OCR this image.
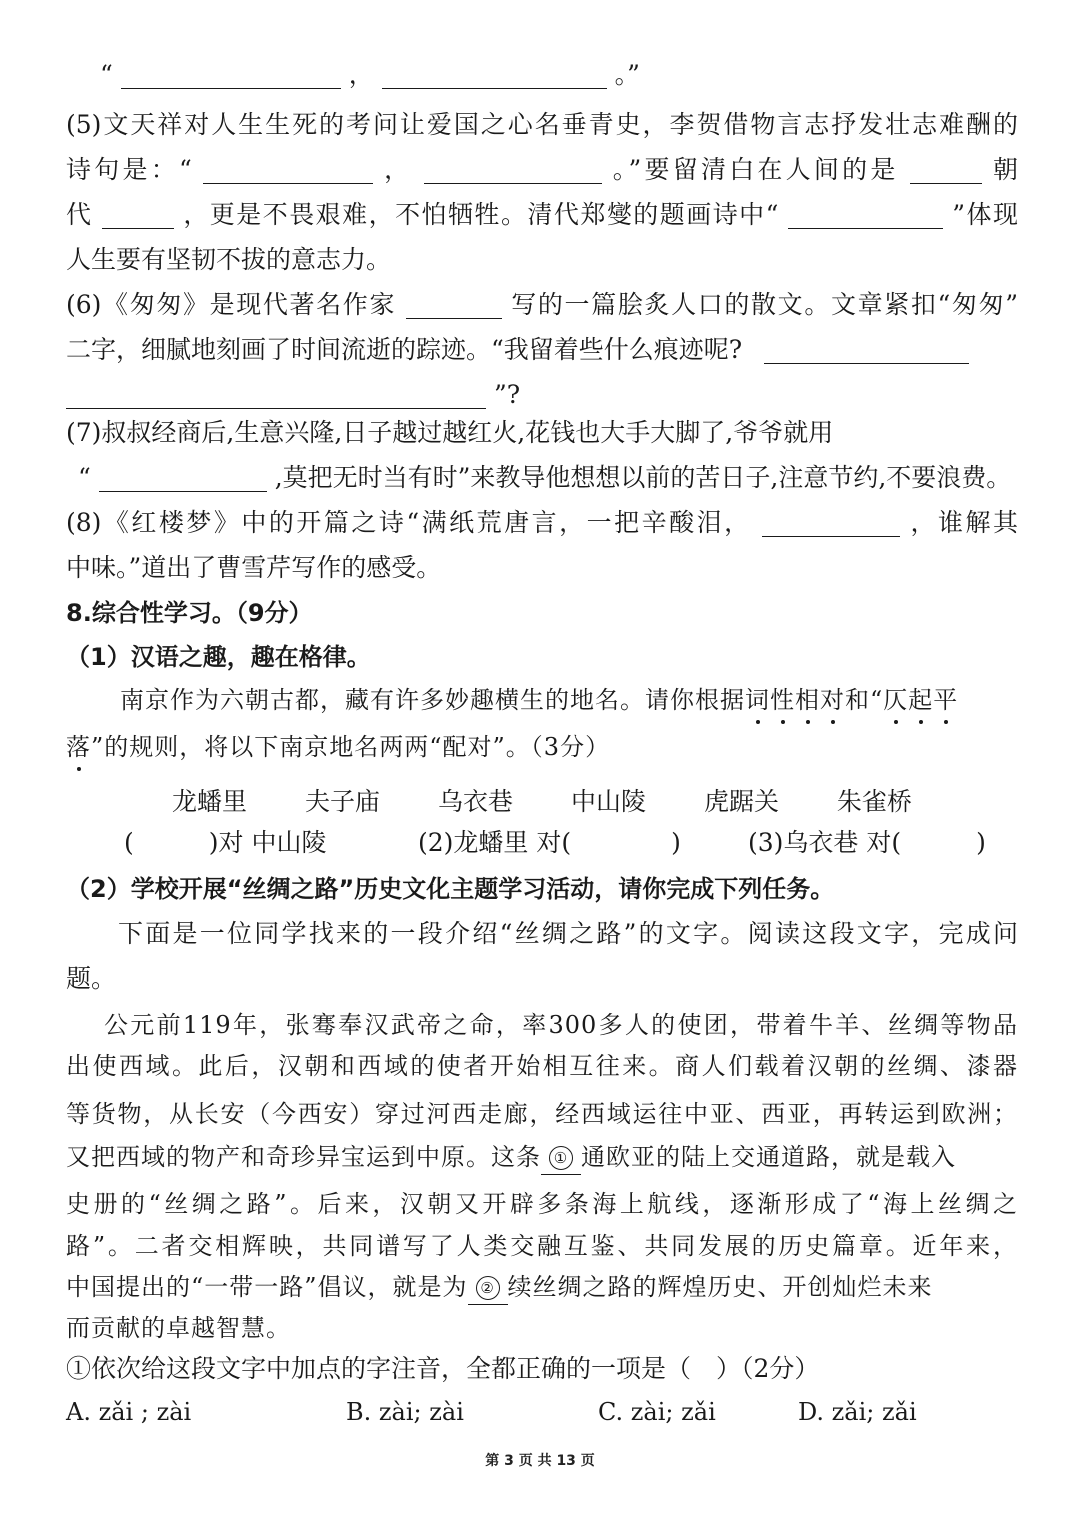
“	，	。”
(5)文天祥对人生生死的考问让爱国之心名垂青史，李贺借物言志抒发壮志难酬的
诗句是：“	，	。”要留清白在人间的是	朝
代	，更是不畏艰难，不怕牺牲。清代郑燮的题画诗中“	”体现
人生要有坚韧不拔的意志力。
(6)《匆匆》是现代著名作家	写的一篇脍炙人口的散文。文章紧扣“匆匆”
二字，细腻地刻画了时间流逝的踪迹。“我留着些什么痕迹呢?
”?
(7)叔叔经商后,生意兴隆,日子越过越红火,花钱也大手大脚了,爷爷就用
“	,莫把无时当有时”来教导他想想以前的苦日子,注意节约,不要浪费。
(8)《红楼梦》中的开篇之诗“满纸荒唐言，一把辛酸泪，	，谁解其
中味。”道出了曹雪芹写作的感受。
8.综合性学习。（9分）
（1）汉语之趣，趣在格律。
南京作为六朝古都，藏有许多妙趣横生的地名。请你根据词性相对和“仄起平
落”的规则，将以下南京地名两两“配对”。（3分）
龙蟠里 夫子庙 乌衣巷 中山陵 虎踞关 朱雀桥
(　　　)对 中山陵	(2)龙蟠里 对(　　　　)	(3)乌衣巷 对(　　　)
（2）学校开展“丝绸之路”历史文化主题学习活动，请你完成下列任务。
下面是一位同学找来的一段介绍“丝绸之路”的文字。阅读这段文字，完成问
题。
公元前119年，张骞奉汉武帝之命，率300多人的使团，带着牛羊、丝绸等物品
出使西域。此后，汉朝和西域的使者开始相互往来。商人们载着汉朝的丝绸、漆器
等货物，从长安（今西安）穿过河西走廊，经西域运往中亚、西亚，再转运到欧洲；
又把西域的物产和奇珍异宝运到中原。这条 ① 通欧亚的陆上交通道路，就是载入
史册的“丝绸之路”。后来，汉朝又开辟多条海上航线，逐渐形成了“海上丝绸之
路”。二者交相辉映，共同谱写了人类交融互鉴、共同发展的历史篇章。近年来，
中国提出的“一带一路”倡议，就是为 ② 续丝绸之路的辉煌历史、开创灿烂未来
而贡献的卓越智慧。
①依次给这段文字中加点的字注音，全都正确的一项是（　）（2分）
A. zǎi ; zài	B. zài; zài	C. zài; zǎi	D. zǎi; zǎi
第 3 页 共 13 页
